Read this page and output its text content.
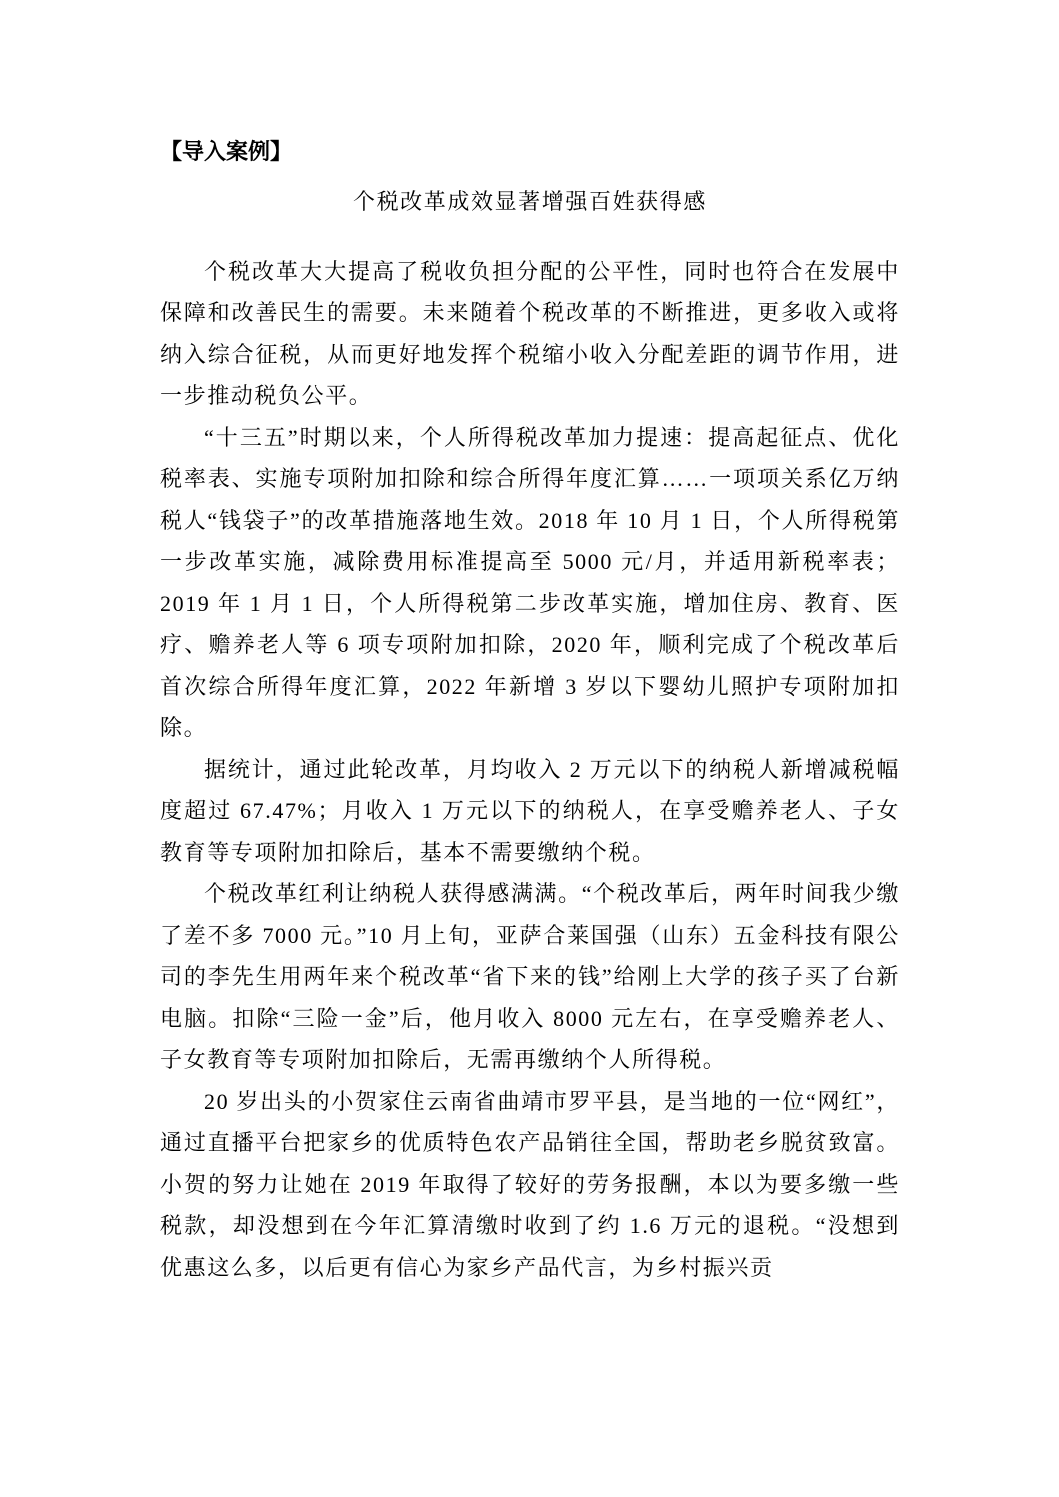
【导入案例】
个税改革成效显著增强百姓获得感

个税改革大大提高了税收负担分配的公平性，同时也符合在发展中保障和改善民生的需要。未来随着个税改革的不断推进，更多收入或将纳入综合征税，从而更好地发挥个税缩小收入分配差距的调节作用，进一步推动税负公平。

“十三五”时期以来，个人所得税改革加力提速：提高起征点、优化税率表、实施专项附加扣除和综合所得年度汇算……一项项关系亿万纳税人“钱袋子”的改革措施落地生效。2018 年 10 月 1 日，个人所得税第一步改革实施，减除费用标准提高至 5000 元/月，并适用新税率表；2019 年 1 月 1 日，个人所得税第二步改革实施，增加住房、教育、医疗、赡养老人等 6 项专项附加扣除，2020 年，顺利完成了个税改革后首次综合所得年度汇算，2022 年新增 3 岁以下婴幼儿照护专项附加扣除。

据统计，通过此轮改革，月均收入 2 万元以下的纳税人新增减税幅度超过 67.47%；月收入 1 万元以下的纳税人，在享受赡养老人、子女教育等专项附加扣除后，基本不需要缴纳个税。

个税改革红利让纳税人获得感满满。“个税改革后，两年时间我少缴了差不多 7000 元。”10 月上旬，亚萨合莱国强（山东）五金科技有限公司的李先生用两年来个税改革“省下来的钱”给刚上大学的孩子买了台新电脑。扣除“三险一金”后，他月收入 8000 元左右，在享受赡养老人、子女教育等专项附加扣除后，无需再缴纳个人所得税。

20 岁出头的小贺家住云南省曲靖市罗平县，是当地的一位“网红”，通过直播平台把家乡的优质特色农产品销往全国，帮助老乡脱贫致富。小贺的努力让她在 2019 年取得了较好的劳务报酬，本以为要多缴一些税款，却没想到在今年汇算清缴时收到了约 1.6 万元的退税。“没想到优惠这么多，以后更有信心为家乡产品代言，为乡村振兴贡
